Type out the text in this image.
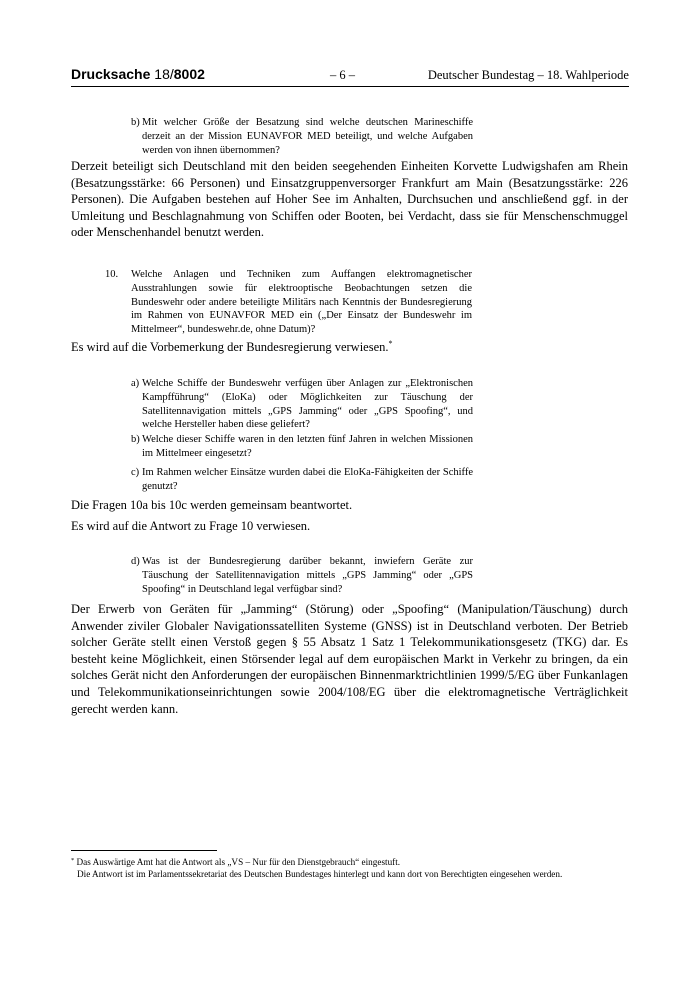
Drucksache 18/8002	– 6 –	Deutscher Bundestag – 18. Wahlperiode
b) Mit welcher Größe der Besatzung sind welche deutschen Marineschiffe derzeit an der Mission EUNAVFOR MED beteiligt, und welche Aufgaben werden von ihnen übernommen?

Derzeit beteiligt sich Deutschland mit den beiden seegehenden Einheiten Korvette Ludwigshafen am Rhein (Besatzungsstärke: 66 Personen) und Einsatzgruppenversorger Frankfurt am Main (Besatzungsstärke: 226 Personen). Die Aufgaben bestehen auf Hoher See im Anhalten, Durchsuchen und anschließend ggf. in der Umleitung und Beschlagnahmung von Schiffen oder Booten, bei Verdacht, dass sie für Menschenschmuggel oder Menschenhandel benutzt werden.

10.	Welche Anlagen und Techniken zum Auffangen elektromagnetischer Ausstrahlungen sowie für elektrooptische Beobachtungen setzen die Bundeswehr oder andere beteiligte Militärs nach Kenntnis der Bundesregierung im Rahmen von EUNAVFOR MED ein („Der Einsatz der Bundeswehr im Mittelmeer“, bundeswehr.de, ohne Datum)?

Es wird auf die Vorbemerkung der Bundesregierung verwiesen.*

a) Welche Schiffe der Bundeswehr verfügen über Anlagen zur „Elektronischen Kampfführung“ (EloKa) oder Möglichkeiten zur Täuschung der Satellitennavigation mittels „GPS Jamming“ oder „GPS Spoofing“, und welche Hersteller haben diese geliefert?
b) Welche dieser Schiffe waren in den letzten fünf Jahren in welchen Missionen im Mittelmeer eingesetzt?
c) Im Rahmen welcher Einsätze wurden dabei die EloKa-Fähigkeiten der Schiffe genutzt?

Die Fragen 10a bis 10c werden gemeinsam beantwortet.

Es wird auf die Antwort zu Frage 10 verwiesen.

d) Was ist der Bundesregierung darüber bekannt, inwiefern Geräte zur Täuschung der Satellitennavigation mittels „GPS Jamming“ oder „GPS Spoofing“ in Deutschland legal verfügbar sind?

Der Erwerb von Geräten für „Jamming“ (Störung) oder „Spoofing“ (Manipulation/Täuschung) durch Anwender ziviler Globaler Navigationssatelliten Systeme (GNSS) ist in Deutschland verboten. Der Betrieb solcher Geräte stellt einen Verstoß gegen § 55 Absatz 1 Satz 1 Telekommunikationsgesetz (TKG) dar. Es besteht keine Möglichkeit, einen Störsender legal auf dem europäischen Markt in Verkehr zu bringen, da ein solches Gerät nicht den Anforderungen der europäischen Binnenmarktrichtlinien 1999/5/EG über Funkanlagen und Telekommunikationseinrichtungen sowie 2004/108/EG über die elektromagnetische Verträglichkeit gerecht werden kann.

* Das Auswärtige Amt hat die Antwort als „VS – Nur für den Dienstgebrauch“ eingestuft.
Die Antwort ist im Parlamentssekretariat des Deutschen Bundestages hinterlegt und kann dort von Berechtigten eingesehen werden.
